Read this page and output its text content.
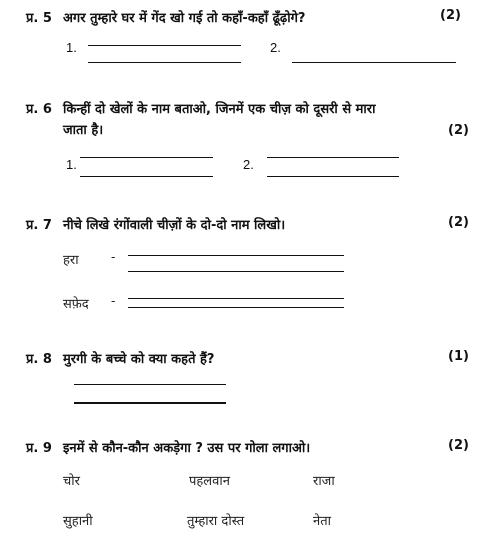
प्र. 5 अगर तुम्हारे घर में गेंद खो गई तो कहाँ-कहाँ ढूँढ़ोगे?	(2)
1.	2.
प्र. 6 किन्हीं दो खेलों के नाम बताओ, जिनमें एक चीज़ को दूसरी से मारा
जाता है।	(2)
1.	2.
प्र. 7 नीचे लिखे रंगोंवाली चीज़ों के दो-दो नाम लिखो।	(2)
हरा -
सफ़ेद -
प्र. 8 मुरगी के बच्चे को क्या कहते हैं?	(1)
प्र. 9 इनमें से कौन-कौन अकड़ेगा ? उस पर गोला लगाओ।	(2)
चोर	पहलवान	राजा
सुहानी	तुम्हारा दोस्त	नेता
